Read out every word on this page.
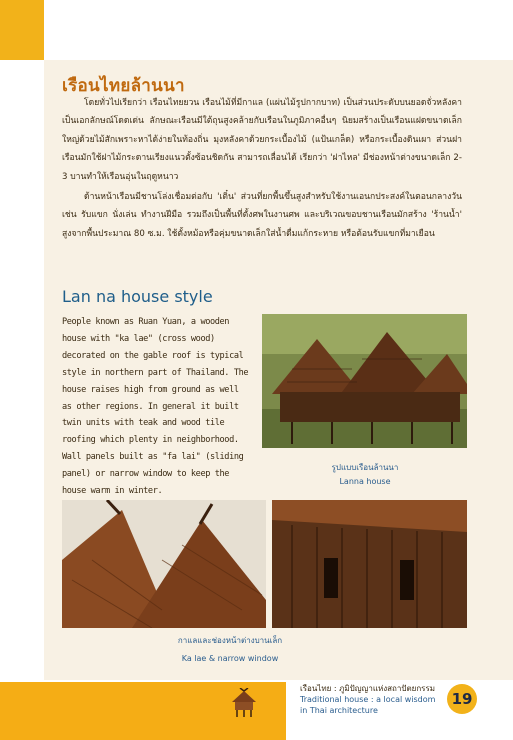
เรือนไทยล้านนา

โดยทั่วไปเรียกว่า เรือนไทยยวน เรือนไม้ที่มีกาแล (แผ่นไม้รูปกากบาท) เป็นส่วนประดับบนยอดจั่วหลังคาเป็นเอกลักษณ์โดดเด่น ลักษณะเรือนมีใต้ถุนสูงคล้ายกับเรือนในภูมิภาคอื่นๆ นิยมสร้างเป็นเรือนแฝดขนาดเล็กใหญ่ด้วยไม้สักเพราะหาได้ง่ายในท้องถิ่น มุงหลังคาด้วยกระเบื้องไม้ (แป้นเกล็ด) หรือกระเบื้องดินเผา ส่วนฝาเรือนมักใช้ฝาไม้กระดานเรียงแนวตั้งซ้อนชิดกัน สามารถเลื่อนได้ เรียกว่า 'ฝาไหล' มีช่องหน้าต่างขนาดเล็ก 2-3 บานทำให้เรือนอุ่นในฤดูหนาว

ด้านหน้าเรือนมีชานโล่งเชื่อมต่อกับ 'เติ๋น' ส่วนที่ยกพื้นขึ้นสูงสำหรับใช้งานเอนกประสงค์ในตอนกลางวัน เช่น รับแขก นั่งเล่น ทำงานฝีมือ รวมถึงเป็นพื้นที่ตั้งศพในงานศพ และบริเวณขอบชานเรือนมักสร้าง 'ร้านน้ำ' สูงจากพื้นประมาณ 80 ซ.ม. ใช้ตั้งหม้อหรือคุ่มขนาดเล็กใส่น้ำดื่มแก้กระหาย หรือต้อนรับแขกที่มาเยือน

Lan na house style

People known as Ruan Yuan, a wooden house with "ka lae" (cross wood) decorated on the gable roof is typical style in northern part of Thailand. The house raises high from ground as well as other regions. In general it built twin units with teak and wood tile roofing which plenty in neighborhood. Wall panels built as "fa lai" (sliding panel) or narrow window to keep the house warm in winter.

รูปแบบเรือนล้านนา
Lanna house
กาแลและช่องหน้าต่างบานเล็ก
Ka lae & narrow window
เรือนไทย : ภูมิปัญญาแห่งสถาปัตยกรรม
Traditional house : a local wisdom
in Thai architecture
19
